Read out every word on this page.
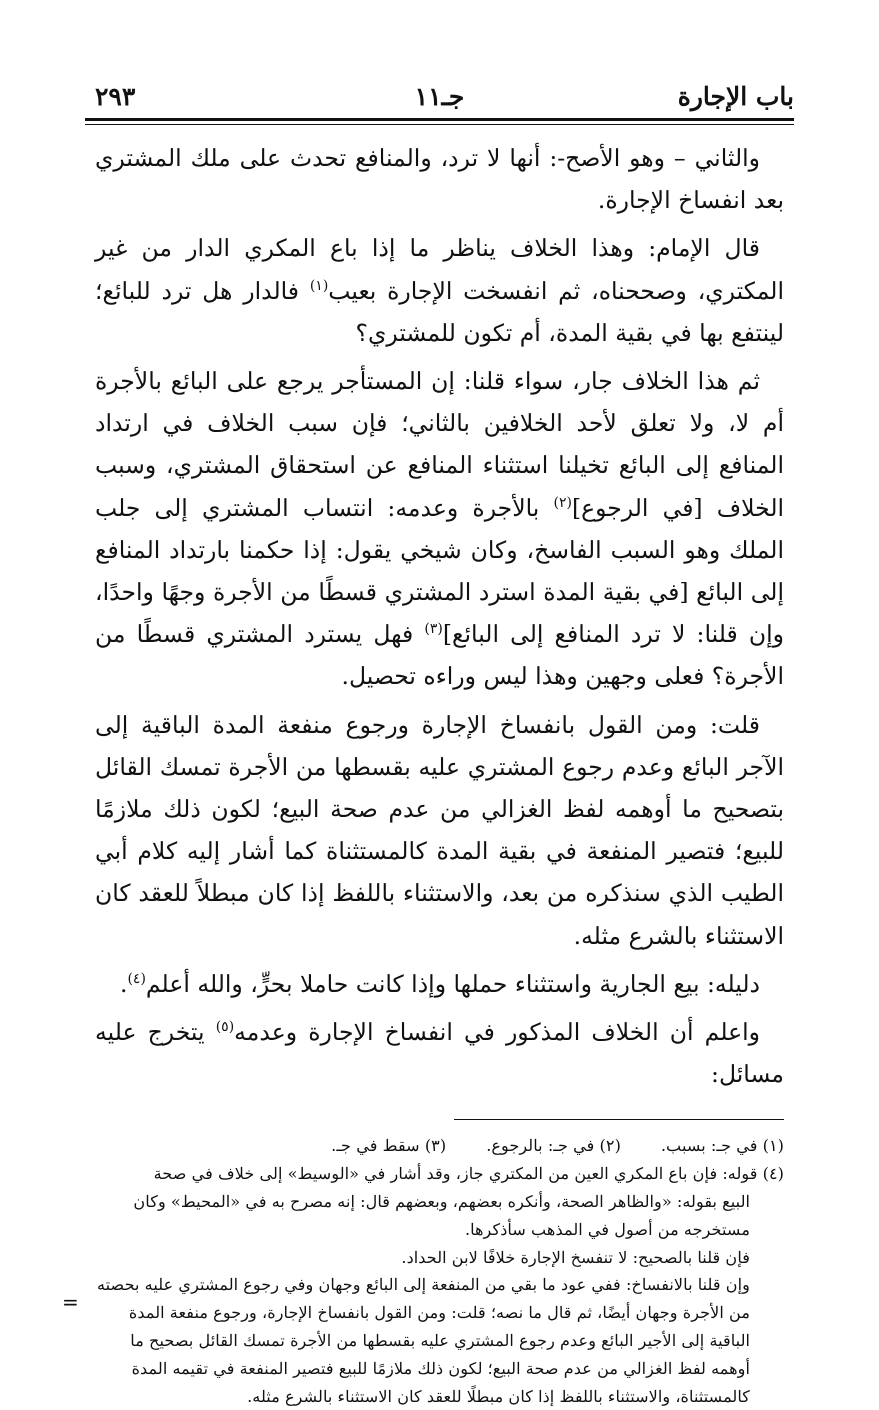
باب الإجارة
جـ١١
٢٩٣

والثاني – وهو الأصح-: أنها لا ترد، والمنافع تحدث على ملك المشتري بعد انفساخ الإجارة.

قال الإمام: وهذا الخلاف يناظر ما إذا باع المكري الدار من غير المكتري، وصححناه، ثم انفسخت الإجارة بعيب$^{(١)}$ فالدار هل ترد للبائع؛ لينتفع بها في بقية المدة، أم تكون للمشتري؟

ثم هذا الخلاف جار، سواء قلنا: إن المستأجر يرجع على البائع بالأجرة أم لا، ولا تعلق لأحد الخلافين بالثاني؛ فإن سبب الخلاف في ارتداد المنافع إلى البائع تخيلنا استثناء المنافع عن استحقاق المشتري، وسبب الخلاف [في الرجوع]$^{(٢)}$ بالأجرة وعدمه: انتساب المشتري إلى جلب الملك وهو السبب الفاسخ، وكان شيخي يقول: إذا حكمنا بارتداد المنافع إلى البائع [في بقية المدة استرد المشتري قسطًا من الأجرة وجهًا واحدًا، وإن قلنا: لا ترد المنافع إلى البائع]$^{(٣)}$ فهل يسترد المشتري قسطًا من الأجرة؟ فعلى وجهين وهذا ليس وراءه تحصيل.

قلت: ومن القول بانفساخ الإجارة ورجوع منفعة المدة الباقية إلى الآجر البائع وعدم رجوع المشتري عليه بقسطها من الأجرة تمسك القائل بتصحيح ما أوهمه لفظ الغزالي من عدم صحة البيع؛ لكون ذلك ملازمًا للبيع؛ فتصير المنفعة في بقية المدة كالمستثناة كما أشار إليه كلام أبي الطيب الذي سنذكره من بعد، والاستثناء باللفظ إذا كان مبطلاً للعقد كان الاستثناء بالشرع مثله.

دليله: بيع الجارية واستثناء حملها وإذا كانت حاملا بحرٍّ، والله أعلم$^{(٤)}$.

واعلم أن الخلاف المذكور في انفساخ الإجارة وعدمه$^{(٥)}$ يتخرج عليه مسائل:

(١) في جـ: بسبب.
(٢) في جـ: بالرجوع.
(٣) سقط في جـ.

(٤) قوله: فإن باع المكري العين من المكتري جاز، وقد أشار في «الوسيط» إلى خلاف في صحة

البيع بقوله: «والظاهر الصحة، وأنكره بعضهم، وبعضهم قال: إنه مصرح به في «المحيط» وكان

مستخرجه من أصول في المذهب سأذكرها.

فإن قلنا بالصحيح: لا تنفسخ الإجارة خلافًا لابن الحداد.

وإن قلنا بالانفساخ: ففي عود ما بقي من المنفعة إلى البائع وجهان وفي رجوع المشتري عليه بحصته

من الأجرة وجهان أيضًا، ثم قال ما نصه؛ قلت: ومن القول بانفساخ الإجارة، ورجوع منفعة المدة

الباقية إلى الأجير البائع وعدم رجوع المشتري عليه بقسطها من الأجرة تمسك القائل بصحيح ما

أوهمه لفظ الغزالي من عدم صحة البيع؛ لكون ذلك ملازمًا للبيع فتصير المنفعة في تقيمه المدة

كالمستثناة، والاستثناء باللفظ إذا كان مبطلًا للعقد كان الاستثناء بالشرع مثله.

=
